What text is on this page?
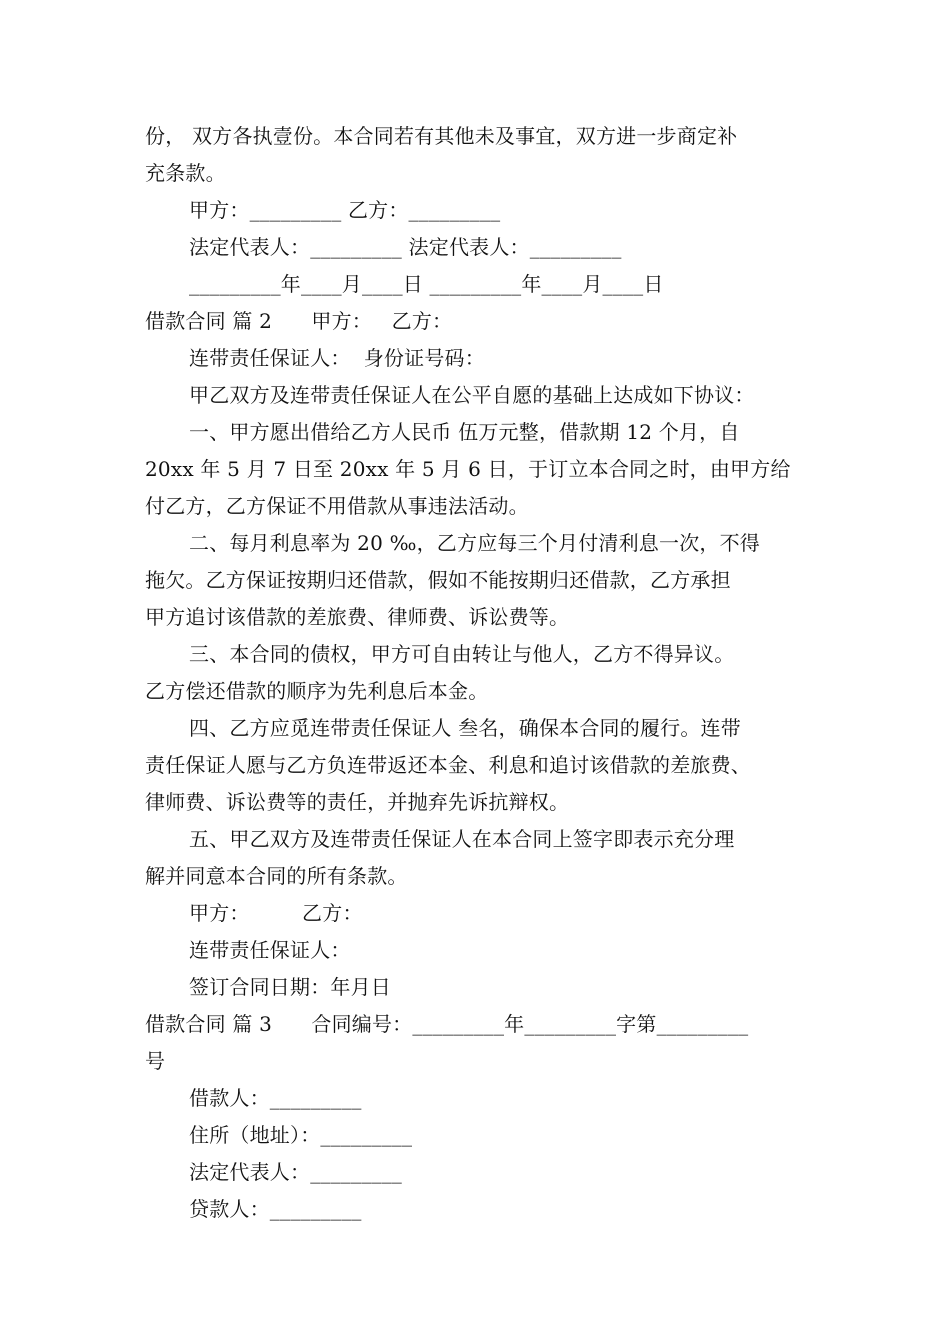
份， 双方各执壹份。本合同若有其他未及事宜，双方进一步商定补
充条款。
甲方：_________ 乙方：_________
法定代表人：_________ 法定代表人：_________
_________年____月____日 _________年____月____日
借款合同 篇 2      甲方：   乙方：
连带责任保证人：  身份证号码：
甲乙双方及连带责任保证人在公平自愿的基础上达成如下协议：
一、甲方愿出借给乙方人民币 伍万元整，借款期 12 个月，自
20xx 年 5 月 7 日至 20xx 年 5 月 6 日，于订立本合同之时，由甲方给
付乙方，乙方保证不用借款从事违法活动。
二、每月利息率为 20 ‰，乙方应每三个月付清利息一次，不得
拖欠。乙方保证按期归还借款，假如不能按期归还借款，乙方承担
甲方追讨该借款的差旅费、律师费、诉讼费等。
三、本合同的债权，甲方可自由转让与他人，乙方不得异议。
乙方偿还借款的顺序为先利息后本金。
四、乙方应觅连带责任保证人 叁名，确保本合同的履行。连带
责任保证人愿与乙方负连带返还本金、利息和追讨该借款的差旅费、
律师费、诉讼费等的责任，并抛弃先诉抗辩权。
五、甲乙双方及连带责任保证人在本合同上签字即表示充分理
解并同意本合同的所有条款。
甲方：        乙方：
连带责任保证人：
签订合同日期：年月日
借款合同 篇 3      合同编号：_________年_________字第_________
号
借款人：_________
住所（地址）：_________
法定代表人：_________
贷款人：_________
